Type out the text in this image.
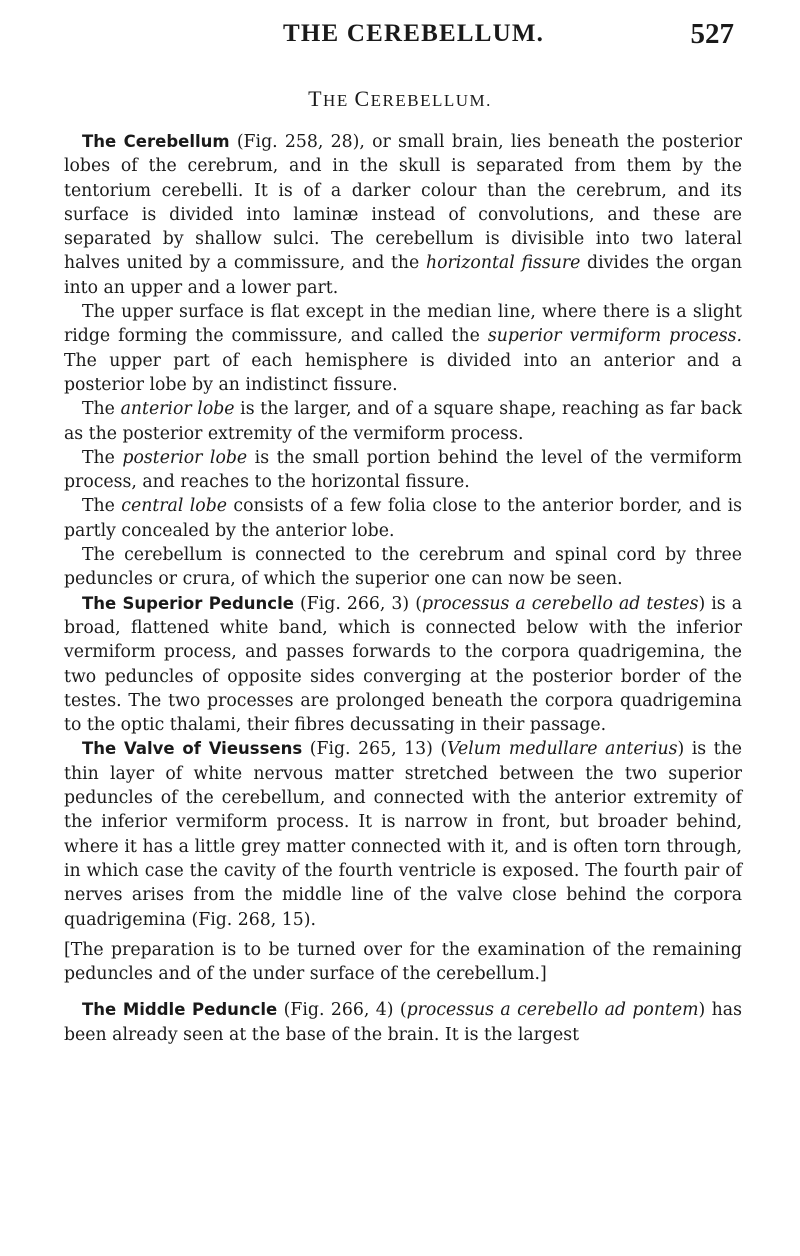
THE CEREBELLUM.	527
THE CEREBELLUM.

The Cerebellum (Fig. 258, 28), or small brain, lies beneath the posterior lobes of the cerebrum, and in the skull is separated from them by the tentorium cerebelli. It is of a darker colour than the cerebrum, and its surface is divided into laminæ instead of convolutions, and these are separated by shallow sulci. The cerebellum is divisible into two lateral halves united by a commissure, and the horizontal fissure divides the organ into an upper and a lower part.

The upper surface is flat except in the median line, where there is a slight ridge forming the commissure, and called the superior vermiform process. The upper part of each hemisphere is divided into an anterior and a posterior lobe by an indistinct fissure.

The anterior lobe is the larger, and of a square shape, reaching as far back as the posterior extremity of the vermiform process.

The posterior lobe is the small portion behind the level of the vermiform process, and reaches to the horizontal fissure.

The central lobe consists of a few folia close to the anterior border, and is partly concealed by the anterior lobe.

The cerebellum is connected to the cerebrum and spinal cord by three peduncles or crura, of which the superior one can now be seen.

The Superior Peduncle (Fig. 266, 3) (processus a cerebello ad testes) is a broad, flattened white band, which is connected below with the inferior vermiform process, and passes forwards to the corpora quadrigemina, the two peduncles of opposite sides converging at the posterior border of the testes. The two processes are prolonged beneath the corpora quadrigemina to the optic thalami, their fibres decussating in their passage.

The Valve of Vieussens (Fig. 265, 13) (Velum medullare anterius) is the thin layer of white nervous matter stretched between the two superior peduncles of the cerebellum, and connected with the anterior extremity of the inferior vermiform process. It is narrow in front, but broader behind, where it has a little grey matter connected with it, and is often torn through, in which case the cavity of the fourth ventricle is exposed. The fourth pair of nerves arises from the middle line of the valve close behind the corpora quadrigemina (Fig. 268, 15).

[The preparation is to be turned over for the examination of the remaining peduncles and of the under surface of the cerebellum.]

The Middle Peduncle (Fig. 266, 4) (processus a cerebello ad pontem) has been already seen at the base of the brain. It is the largest
